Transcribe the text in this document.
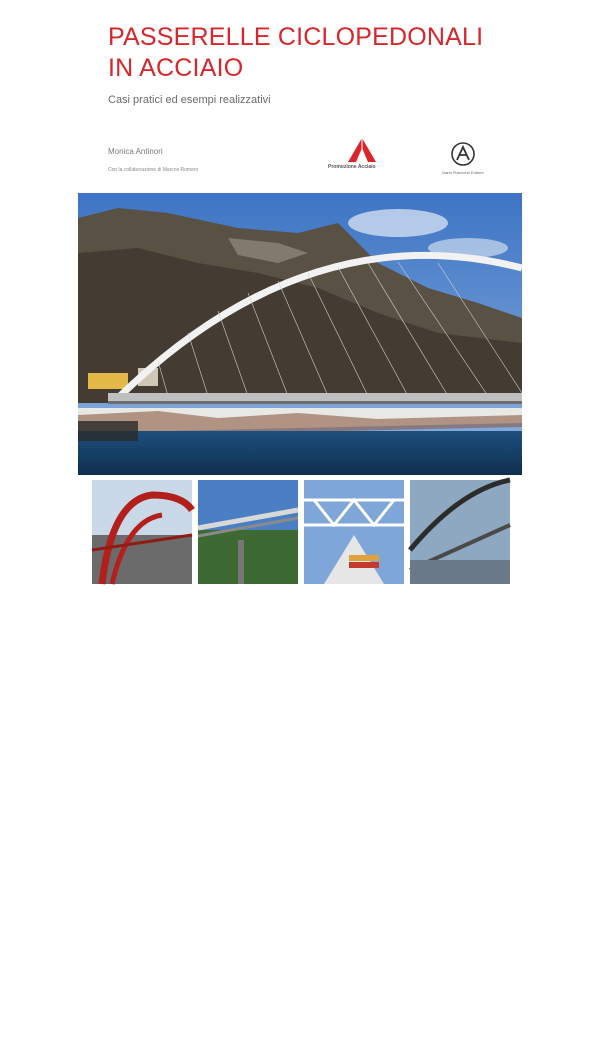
PASSERELLE CICLOPEDONALI
IN ACCIAIO
Casi pratici ed esempi realizzativi
Monica Antinori
Con la collaborazione di Marcos Romero	Promozione Acciaio
Dario Flaccovio Editore
VENDIAMO
LIBRI
